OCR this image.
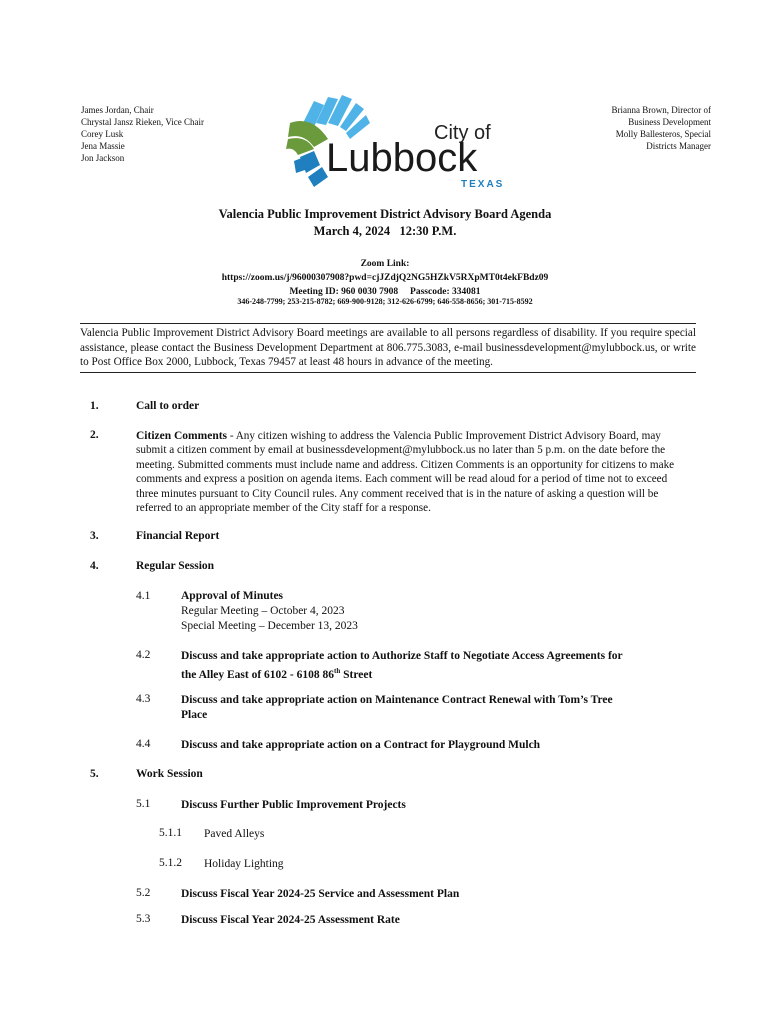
James Jordan, Chair
Chrystal Jansz Rieken, Vice Chair
Corey Lusk
Jena Massie
Jon Jackson
Brianna Brown, Director of
Business Development
Molly Ballesteros, Special
Districts Manager
City of
Lubbock
TEXAS
Valencia Public Improvement District Advisory Board Agenda
March 4, 2024   12:30 P.M.
Zoom Link:
https://zoom.us/j/96000307908?pwd=cjJZdjQ2NG5HZkV5RXpMT0t4ekFBdz09
Meeting ID: 960 0030 7908     Passcode: 334081
346-248-7799; 253-215-8782; 669-900-9128; 312-626-6799; 646-558-8656; 301-715-8592
Valencia Public Improvement District Advisory Board meetings are available to all persons regardless of disability. If you require special assistance, please contact the Business Development Department at 806.775.3083, e-mail businessdevelopment@mylubbock.us, or write to Post Office Box 2000, Lubbock, Texas 79457 at least 48 hours in advance of the meeting.
1.	Call to order
2.	Citizen Comments - Any citizen wishing to address the Valencia Public Improvement District Advisory Board, may submit a citizen comment by email at businessdevelopment@mylubbock.us no later than 5 p.m. on the date before the meeting. Submitted comments must include name and address. Citizen Comments is an opportunity for citizens to make comments and express a position on agenda items. Each comment will be read aloud for a period of time not to exceed three minutes pursuant to City Council rules. Any comment received that is in the nature of asking a question will be referred to an appropriate member of the City staff for a response.
3.	Financial Report
4.	Regular Session
4.1	Approval of Minutes
Regular Meeting – October 4, 2023
Special Meeting – December 13, 2023
4.2	Discuss and take appropriate action to Authorize Staff to Negotiate Access Agreements for
the Alley East of 6102 - 6108 86th Street
4.3	Discuss and take appropriate action on Maintenance Contract Renewal with Tom’s Tree
Place
4.4	Discuss and take appropriate action on a Contract for Playground Mulch
5.	Work Session
5.1	Discuss Further Public Improvement Projects
5.1.1 Paved Alleys
5.1.2 Holiday Lighting
5.2	Discuss Fiscal Year 2024-25 Service and Assessment Plan
5.3	Discuss Fiscal Year 2024-25 Assessment Rate
